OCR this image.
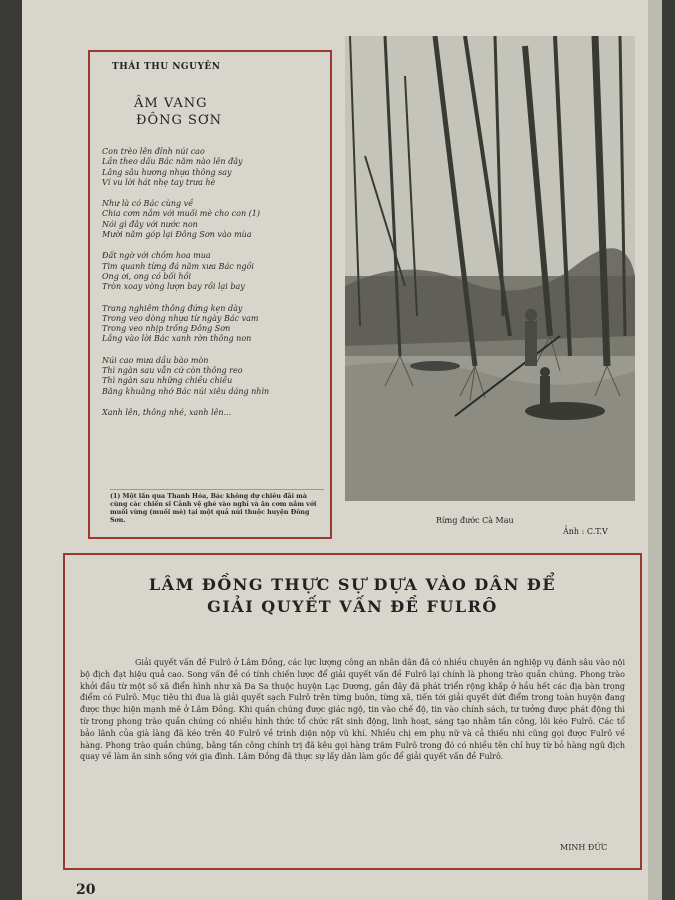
THÁI THU NGUYÊN
ÂM VANG
ĐÔNG SƠN
Con trèo lên đỉnh núi cao
Lần theo dấu Bác năm nào lên đây
Lâng sâu hương nhựa thông say
Ví vu lời hát nhẹ tay trưa hè
Như là có Bác cùng về
Chia cơm nắm với muối mè cho con (1)
Nói gì đây với nước non
Mười năm góp lại Đông Sơn vào mùa
Đất ngờ với chồm hoa mua
Tìm quanh từng đá năm xưa Bác ngồi
Ong ơi, ong có bối hồi
Tròn xoay vòng lượn bay rồi lại bay
Trang nghiêm thông đứng kẹn dày
Trong veo dòng nhựa từ ngày Bác vam
Trong veo nhịp trống Đông Sơn
Lắng vào lời Bác xanh rờn thông non
Núi cao mưa dầu bào mòn
Thì ngàn sau vẫn cứ còn thông reo
Thì ngàn sau những chiều chiều
Băng khuâng nhớ Bác núi xiêu dáng nhìn
Xanh lên, thông nhé, xanh lên...
(1) Một lần qua Thanh Hóa, Bác không dự chiêu đãi mà cùng các chiến sĩ Cảnh vệ ghé vào nghỉ và ăn cơm nắm với muối vừng (muối mè) tại một quả núi thuộc huyện Đông Sơn.	Rừng đước Cà Mau
Ảnh : C.T.V
LÂM ĐỒNG THỰC SỰ DỰA VÀO DÂN ĐỂ
GIẢI QUYẾT VẤN ĐỀ FULRÔ

Giải quyết vấn đề Fulrô ở Lâm Đồng, các lực lượng công an nhân dân đã có nhiều chuyên án nghiệp vụ đánh sâu vào nội bộ địch đạt hiệu quả cao. Song vấn đề có tính chiến lược để giải quyết vấn đề Fulrô lại chính là phong trào quần chúng. Phong trào khởi đầu từ một số xã điển hình như xã Đa Sa thuộc huyện Lạc Dương, gần đây đã phát triển rộng khắp ở hầu hết các địa bàn trọng điểm có Fulrô. Mục tiêu thi đua là giải quyết sạch Fulrô trên từng buôn, từng xã, tiến tới giải quyết dứt điểm trong toàn huyện đang được thực hiện mạnh mẽ ở Lâm Đồng. Khi quần chúng được giác ngộ, tin vào chế độ, tin vào chính sách, tư tưởng được phát động thì từ trong phong trào quần chúng có nhiều hình thức tổ chức rất sinh động, linh hoạt, sáng tạo nhằm tấn công, lôi kéo Fulrô. Các tổ bảo lãnh của già làng đã kéo trên 40 Fulrô về trình diện nộp vũ khí. Nhiều chị em phụ nữ và cả thiếu nhi cũng gọi được Fulrô về hàng. Phong trào quần chúng, bằng tấn công chính trị đã kêu gọi hàng trăm Fulrô trong đó có nhiều tên chỉ huy từ bỏ hàng ngũ địch quay về làm ăn sinh sống với gia đình. Lâm Đồng đã thực sự lấy dân làm gốc để giải quyết vấn đề Fulrô.

MINH ĐỨC
20
